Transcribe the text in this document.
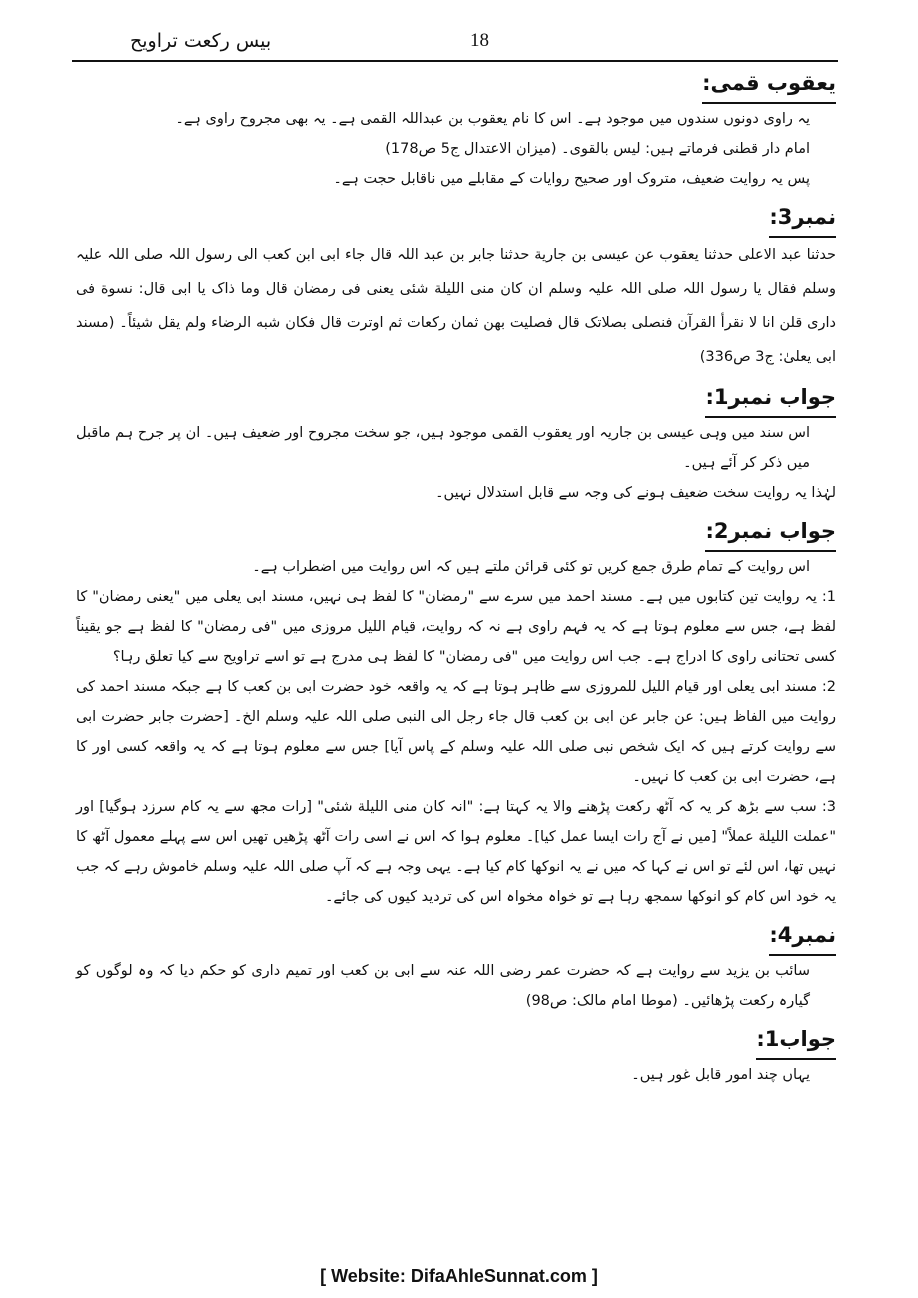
بیس رکعت تراویح	18
یعقوب قمی:

یہ راوی دونوں سندوں میں موجود ہے۔ اس کا نام یعقوب بن عبداللہ القمی ہے۔ یہ بھی مجروح راوی ہے۔

امام دار قطنی فرماتے ہیں: لیس بالقوی۔ (میزان الاعتدال ج5 ص178)

پس یہ روایت ضعیف، متروک اور صحیح روایات کے مقابلے میں ناقابل حجت ہے۔

نمبر3:

حدثنا عبد الاعلی حدثنا یعقوب عن عیسی بن جاریة حدثنا جابر بن عبد اللہ قال جاء ابی ابن کعب الی رسول اللہ صلی اللہ علیہ وسلم فقال یا رسول اللہ صلی اللہ علیہ وسلم ان کان منی اللیلة شئی یعنی فی رمضان قال وما ذاک یا ابی قال: نسوة فی داری قلن انا لا نقرأ القرآن فنصلی بصلاتک قال فصلیت بھن ثمان رکعات ثم اوترت قال فکان شبه الرضاء ولم یقل شیئاً۔ (مسند ابی یعلیٰ: ج3 ص336)

جواب نمبر1:

اس سند میں وہی عیسی بن جاریہ اور یعقوب القمی موجود ہیں، جو سخت مجروح اور ضعیف ہیں۔ ان پر جرح ہم ماقبل میں ذکر کر آئے ہیں۔

لہٰذا یہ روایت سخت ضعیف ہونے کی وجہ سے قابل استدلال نہیں۔

جواب نمبر2:

اس روایت کے تمام طرق جمع کریں تو کئی قرائن ملتے ہیں کہ اس روایت میں اضطراب ہے۔

1: یہ روایت تین کتابوں میں ہے۔ مسند احمد میں سرے سے "رمضان" کا لفظ ہی نہیں، مسند ابی یعلی میں "یعنی رمضان" کا لفظ ہے، جس سے معلوم ہوتا ہے کہ یہ فہم راوی ہے نہ کہ روایت، قیام اللیل مروزی میں "فی رمضان" کا لفظ ہے جو یقیناً کسی تحتانی راوی کا ادراج ہے۔ جب اس روایت میں "فی رمضان" کا لفظ ہی مدرج ہے تو اسے تراویح سے کیا تعلق رہا؟

2: مسند ابی یعلی اور قیام اللیل للمروزی سے ظاہر ہوتا ہے کہ یہ واقعہ خود حضرت ابی بن کعب کا ہے جبکہ مسند احمد کی روایت میں الفاظ ہیں: عن جابر عن ابی بن کعب قال جاء رجل الی النبی صلی اللہ علیہ وسلم الخ۔ [حضرت جابر حضرت ابی سے روایت کرتے ہیں کہ ایک شخص نبی صلی اللہ علیہ وسلم کے پاس آیا] جس سے معلوم ہوتا ہے کہ یہ واقعہ کسی اور کا ہے، حضرت ابی بن کعب کا نہیں۔

3: سب سے بڑھ کر یہ کہ آٹھ رکعت پڑھنے والا یہ کہتا ہے: "انہ کان منی اللیلة شئی" [رات مجھ سے یہ کام سرزد ہوگیا] اور "عملت اللیلة عملاً" [میں نے آج رات ایسا عمل کیا]۔ معلوم ہوا کہ اس نے اسی رات آٹھ پڑھیں تھیں اس سے پہلے معمول آٹھ کا نہیں تھا، اس لئے تو اس نے کہا کہ میں نے یہ انوکھا کام کیا ہے۔ یہی وجہ ہے کہ آپ صلی اللہ علیہ وسلم خاموش رہے کہ جب یہ خود اس کام کو انوکھا سمجھ رہا ہے تو خواہ مخواہ اس کی تردید کیوں کی جائے۔

نمبر4:

سائب بن یزید سے روایت ہے کہ حضرت عمر رضی اللہ عنہ سے ابی بن کعب اور تمیم داری کو حکم دیا کہ وہ لوگوں کو گیارہ رکعت پڑھائیں۔ (موطا امام مالک: ص98)

جواب1:

یہاں چند امور قابل غور ہیں۔

[ Website: DifaAhleSunnat.com ]
